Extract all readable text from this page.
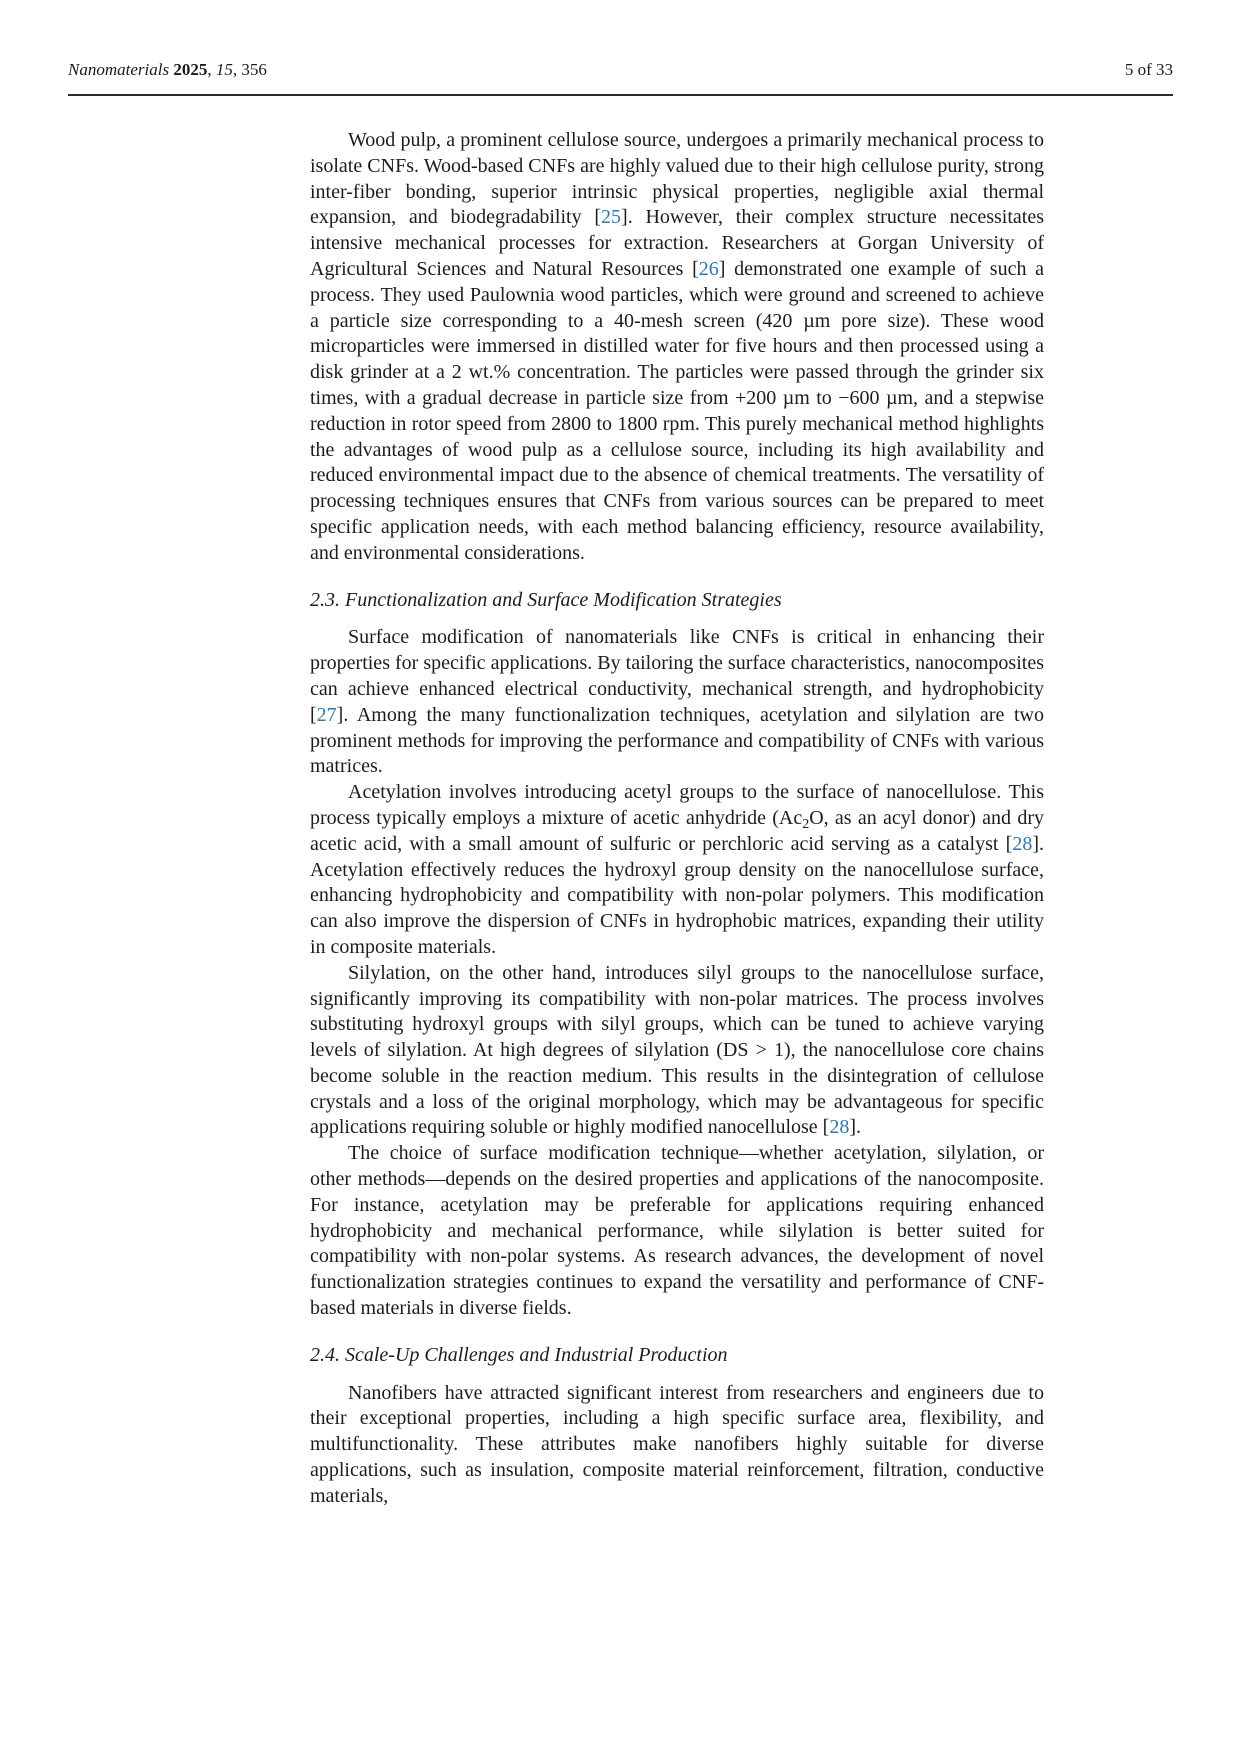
Nanomaterials 2025, 15, 356	5 of 33

Wood pulp, a prominent cellulose source, undergoes a primarily mechanical process to isolate CNFs. Wood-based CNFs are highly valued due to their high cellulose purity, strong inter-fiber bonding, superior intrinsic physical properties, negligible axial thermal expansion, and biodegradability [25]. However, their complex structure necessitates intensive mechanical processes for extraction. Researchers at Gorgan University of Agricultural Sciences and Natural Resources [26] demonstrated one example of such a process. They used Paulownia wood particles, which were ground and screened to achieve a particle size corresponding to a 40-mesh screen (420 µm pore size). These wood microparticles were immersed in distilled water for five hours and then processed using a disk grinder at a 2 wt.% concentration. The particles were passed through the grinder six times, with a gradual decrease in particle size from +200 µm to −600 µm, and a stepwise reduction in rotor speed from 2800 to 1800 rpm. This purely mechanical method highlights the advantages of wood pulp as a cellulose source, including its high availability and reduced environmental impact due to the absence of chemical treatments. The versatility of processing techniques ensures that CNFs from various sources can be prepared to meet specific application needs, with each method balancing efficiency, resource availability, and environmental considerations.

2.3. Functionalization and Surface Modification Strategies

Surface modification of nanomaterials like CNFs is critical in enhancing their properties for specific applications. By tailoring the surface characteristics, nanocomposites can achieve enhanced electrical conductivity, mechanical strength, and hydrophobicity [27]. Among the many functionalization techniques, acetylation and silylation are two prominent methods for improving the performance and compatibility of CNFs with various matrices.

Acetylation involves introducing acetyl groups to the surface of nanocellulose. This process typically employs a mixture of acetic anhydride ($Ac_2O$, as an acyl donor) and dry acetic acid, with a small amount of sulfuric or perchloric acid serving as a catalyst [28]. Acetylation effectively reduces the hydroxyl group density on the nanocellulose surface, enhancing hydrophobicity and compatibility with non-polar polymers. This modification can also improve the dispersion of CNFs in hydrophobic matrices, expanding their utility in composite materials.

Silylation, on the other hand, introduces silyl groups to the nanocellulose surface, significantly improving its compatibility with non-polar matrices. The process involves substituting hydroxyl groups with silyl groups, which can be tuned to achieve varying levels of silylation. At high degrees of silylation (DS > 1), the nanocellulose core chains become soluble in the reaction medium. This results in the disintegration of cellulose crystals and a loss of the original morphology, which may be advantageous for specific applications requiring soluble or highly modified nanocellulose [28].

The choice of surface modification technique—whether acetylation, silylation, or other methods—depends on the desired properties and applications of the nanocomposite. For instance, acetylation may be preferable for applications requiring enhanced hydrophobicity and mechanical performance, while silylation is better suited for compatibility with non-polar systems. As research advances, the development of novel functionalization strategies continues to expand the versatility and performance of CNF-based materials in diverse fields.

2.4. Scale-Up Challenges and Industrial Production

Nanofibers have attracted significant interest from researchers and engineers due to their exceptional properties, including a high specific surface area, flexibility, and multifunctionality. These attributes make nanofibers highly suitable for diverse applications, such as insulation, composite material reinforcement, filtration, conductive materials,
